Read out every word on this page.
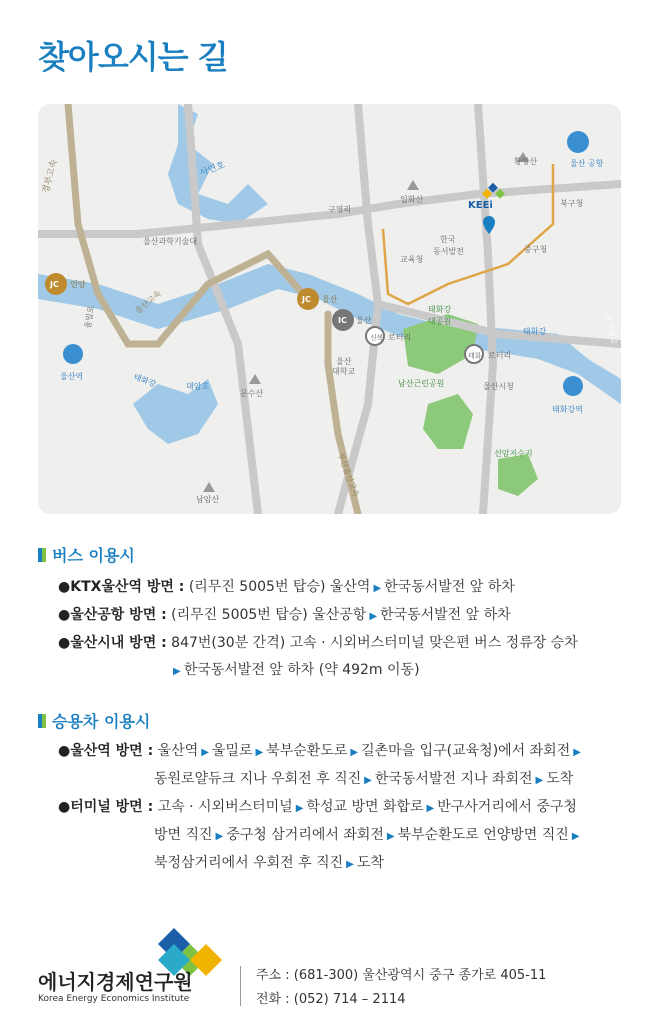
찾아오시는 길
경부고속	사연호
구영리
입화산
황방산	울산 공항
북구청
KEEi
한국
동서발전
교육청
중구청
울산과학기술대
JC 언양
JC 울산
IC 울산
울산고속
울밀로	태화강
대공원
태화강
신복 로터리
태화 로터리
울산역	태화강	대암호
문수산
울산
대학교
남산근린공원	울산시청
태화강역
울산대교
선암저수지
부산울산고속
남암산
버스 이용시
●KTX울산역 방면 : (리무진 5005번 탑승) 울산역 ▶ 한국동서발전 앞 하차
●울산공항 방면 : (리무진 5005번 탑승) 울산공항 ▶ 한국동서발전 앞 하차
●울산시내 방면 : 847번(30분 간격) 고속 · 시외버스터미널 맞은편 버스 정류장 승차
▶ 한국동서발전 앞 하차 (약 492m 이동)
승용차 이용시
●울산역 방면 : 울산역 ▶ 울밀로 ▶ 북부순환도로 ▶ 길촌마을 입구(교육청)에서 좌회전 ▶
동원로얄듀크 지나 우회전 후 직진 ▶ 한국동서발전 지나 좌회전 ▶ 도착
●터미널 방면 : 고속 · 시외버스터미널 ▶ 학성교 방면 화합로 ▶ 반구사거리에서 중구청
방면 직진 ▶ 중구청 삼거리에서 좌회전 ▶ 북부순환도로 언양방면 직진 ▶
북정삼거리에서 우회전 후 직진 ▶ 도착
에너지경제연구원
Korea Energy Economics Institute
주소 : (681-300) 울산광역시 중구 종가로 405-11
전화 : (052) 714 – 2114
